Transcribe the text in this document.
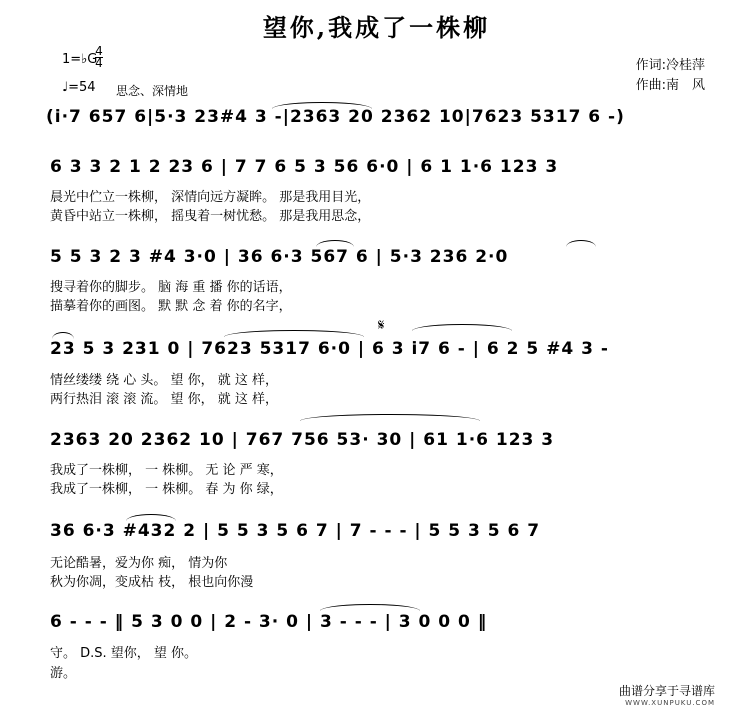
望你,我成了一株柳
1=♭G
4
4
♩=54 思念、深情地
作词:冷桂萍
作曲:南　风
(i̇·7 657 6|5·3 23#4 3 -|2363 20 2362 10|7623 5317 6 -)
6 3 3 2 1 2 23 6 | 7 7 6 5 3 56 6·0 | 6 1 1·6 123 3
晨光中伫立一株柳， 深情向远方凝眸。 那是我用目光，
黄昏中站立一株柳， 摇曳着一树忧愁。 那是我用思念，
5 5 3 2 3 #4 3·0 | 36 6·3 567 6 | 5·3 236 2·0
搜寻着你的脚步。 脑 海 重 播 你的话语，
描摹着你的画图。 默 默 念 着 你的名字，
𝄋
23 5 3 231 0 | 7623 5317 6·0 | 6 3 i̇7 6 - | 6 2 5 #4 3 -
情丝缕缕 绕 心 头。 望 你， 就 这 样，
两行热泪 滚 滚 流。 望 你， 就 这 样，
2363 20 2362 10 | 767 756 53· 30 | 61 1·6 123 3
我成了一株柳， 一 株柳。 无 论 严 寒，
我成了一株柳， 一 株柳。 春 为 你 绿，
36 6·3 #432 2 | 5 5 3 5 6 7 | 7 - - - | 5 5 3 5 6 7
无论酷暑，爱为你 痴， 情为你
秋为你凋，变成枯 枝， 根也向你漫
6 - - - ‖ 5 3 0 0 | 2 - 3· 0 | 3 - - - | 3 0 0 0 ‖
守。 D.S. 望你， 望 你。
游。
曲谱分享于寻谱库
WWW.XUNPUKU.COM
